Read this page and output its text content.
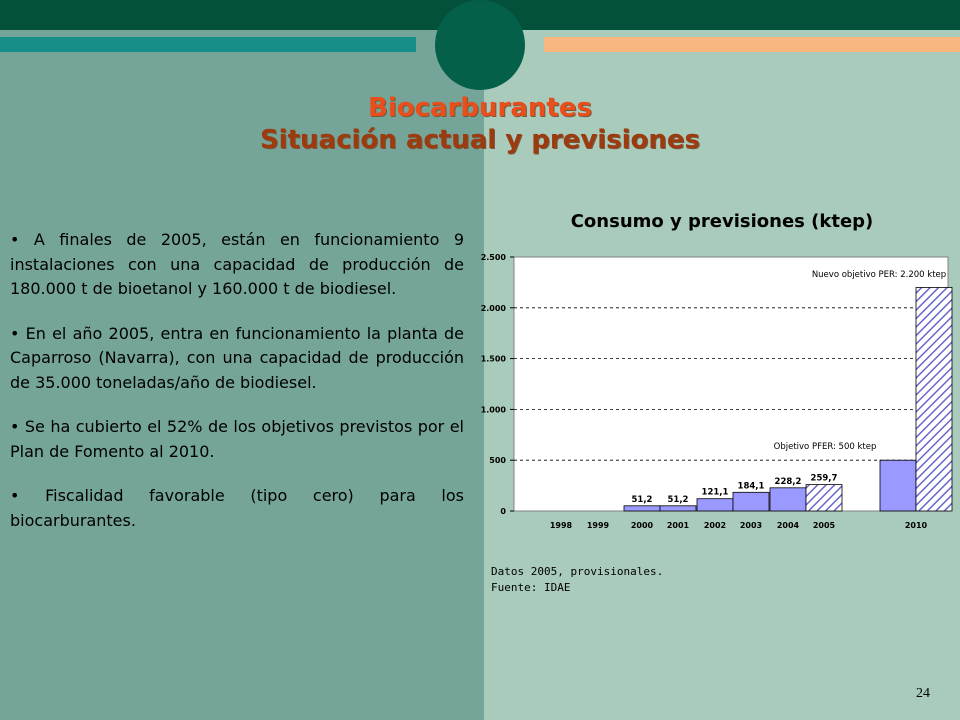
Biocarburantes
Situación actual y previsiones

• A finales de 2005, están en funcionamiento 9 instalaciones con una capacidad de producción de 180.000 t de bioetanol y 160.000 t de biodiesel.

• En el año 2005, entra en funcionamiento la planta de Caparroso (Navarra), con una capacidad de producción de 35.000 toneladas/año de biodiesel.

• Se ha cubierto el 52% de los objetivos previstos por el Plan de Fomento al 2010.

• Fiscalidad favorable (tipo cero) para los biocarburantes.

Consumo y previsiones (ktep)
0
500
1.000
1.500
2.000
2.500
1998 1999
51,2
2000
51,2
2001
121,1
2002
184,1
2003
228,2
2004
259,7
2005	2010
Nuevo objetivo PER: 2.200 ktep
Objetivo PFER: 500 ktep
Datos 2005, provisionales.
Fuente: IDAE
24
